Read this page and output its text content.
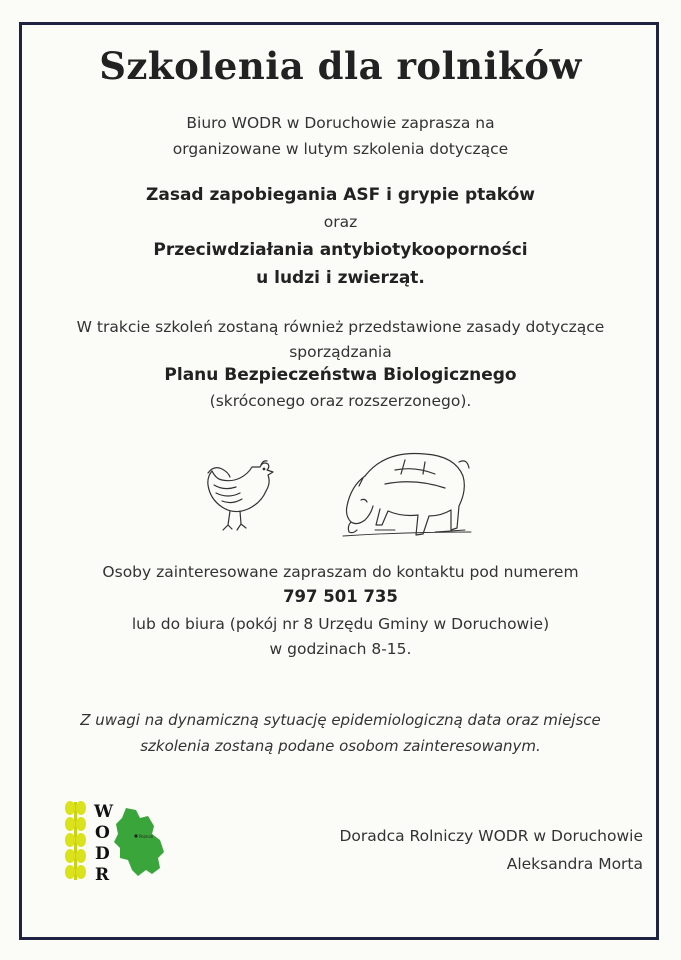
Szkolenia dla rolników
Biuro WODR w Doruchowie zaprasza na
organizowane w lutym szkolenia dotyczące
Zasad zapobiegania ASF i grypie ptaków
oraz
Przeciwdziałania antybiotykooporności
u ludzi i zwierząt.
W trakcie szkoleń zostaną również przedstawione zasady dotyczące
sporządzania
Planu Bezpieczeństwa Biologicznego
(skróconego oraz rozszerzonego).
Osoby zainteresowane zapraszam do kontaktu pod numerem
797 501 735
lub do biura (pokój nr 8 Urzędu Gminy w Doruchowie)
w godzinach 8-15.
Z uwagi na dynamiczną sytuację epidemiologiczną data oraz miejsce
szkolenia zostaną podane osobom zainteresowanym.
W
O
D
R
Poznań	Doradca Rolniczy WODR w Doruchowie
Aleksandra Morta
